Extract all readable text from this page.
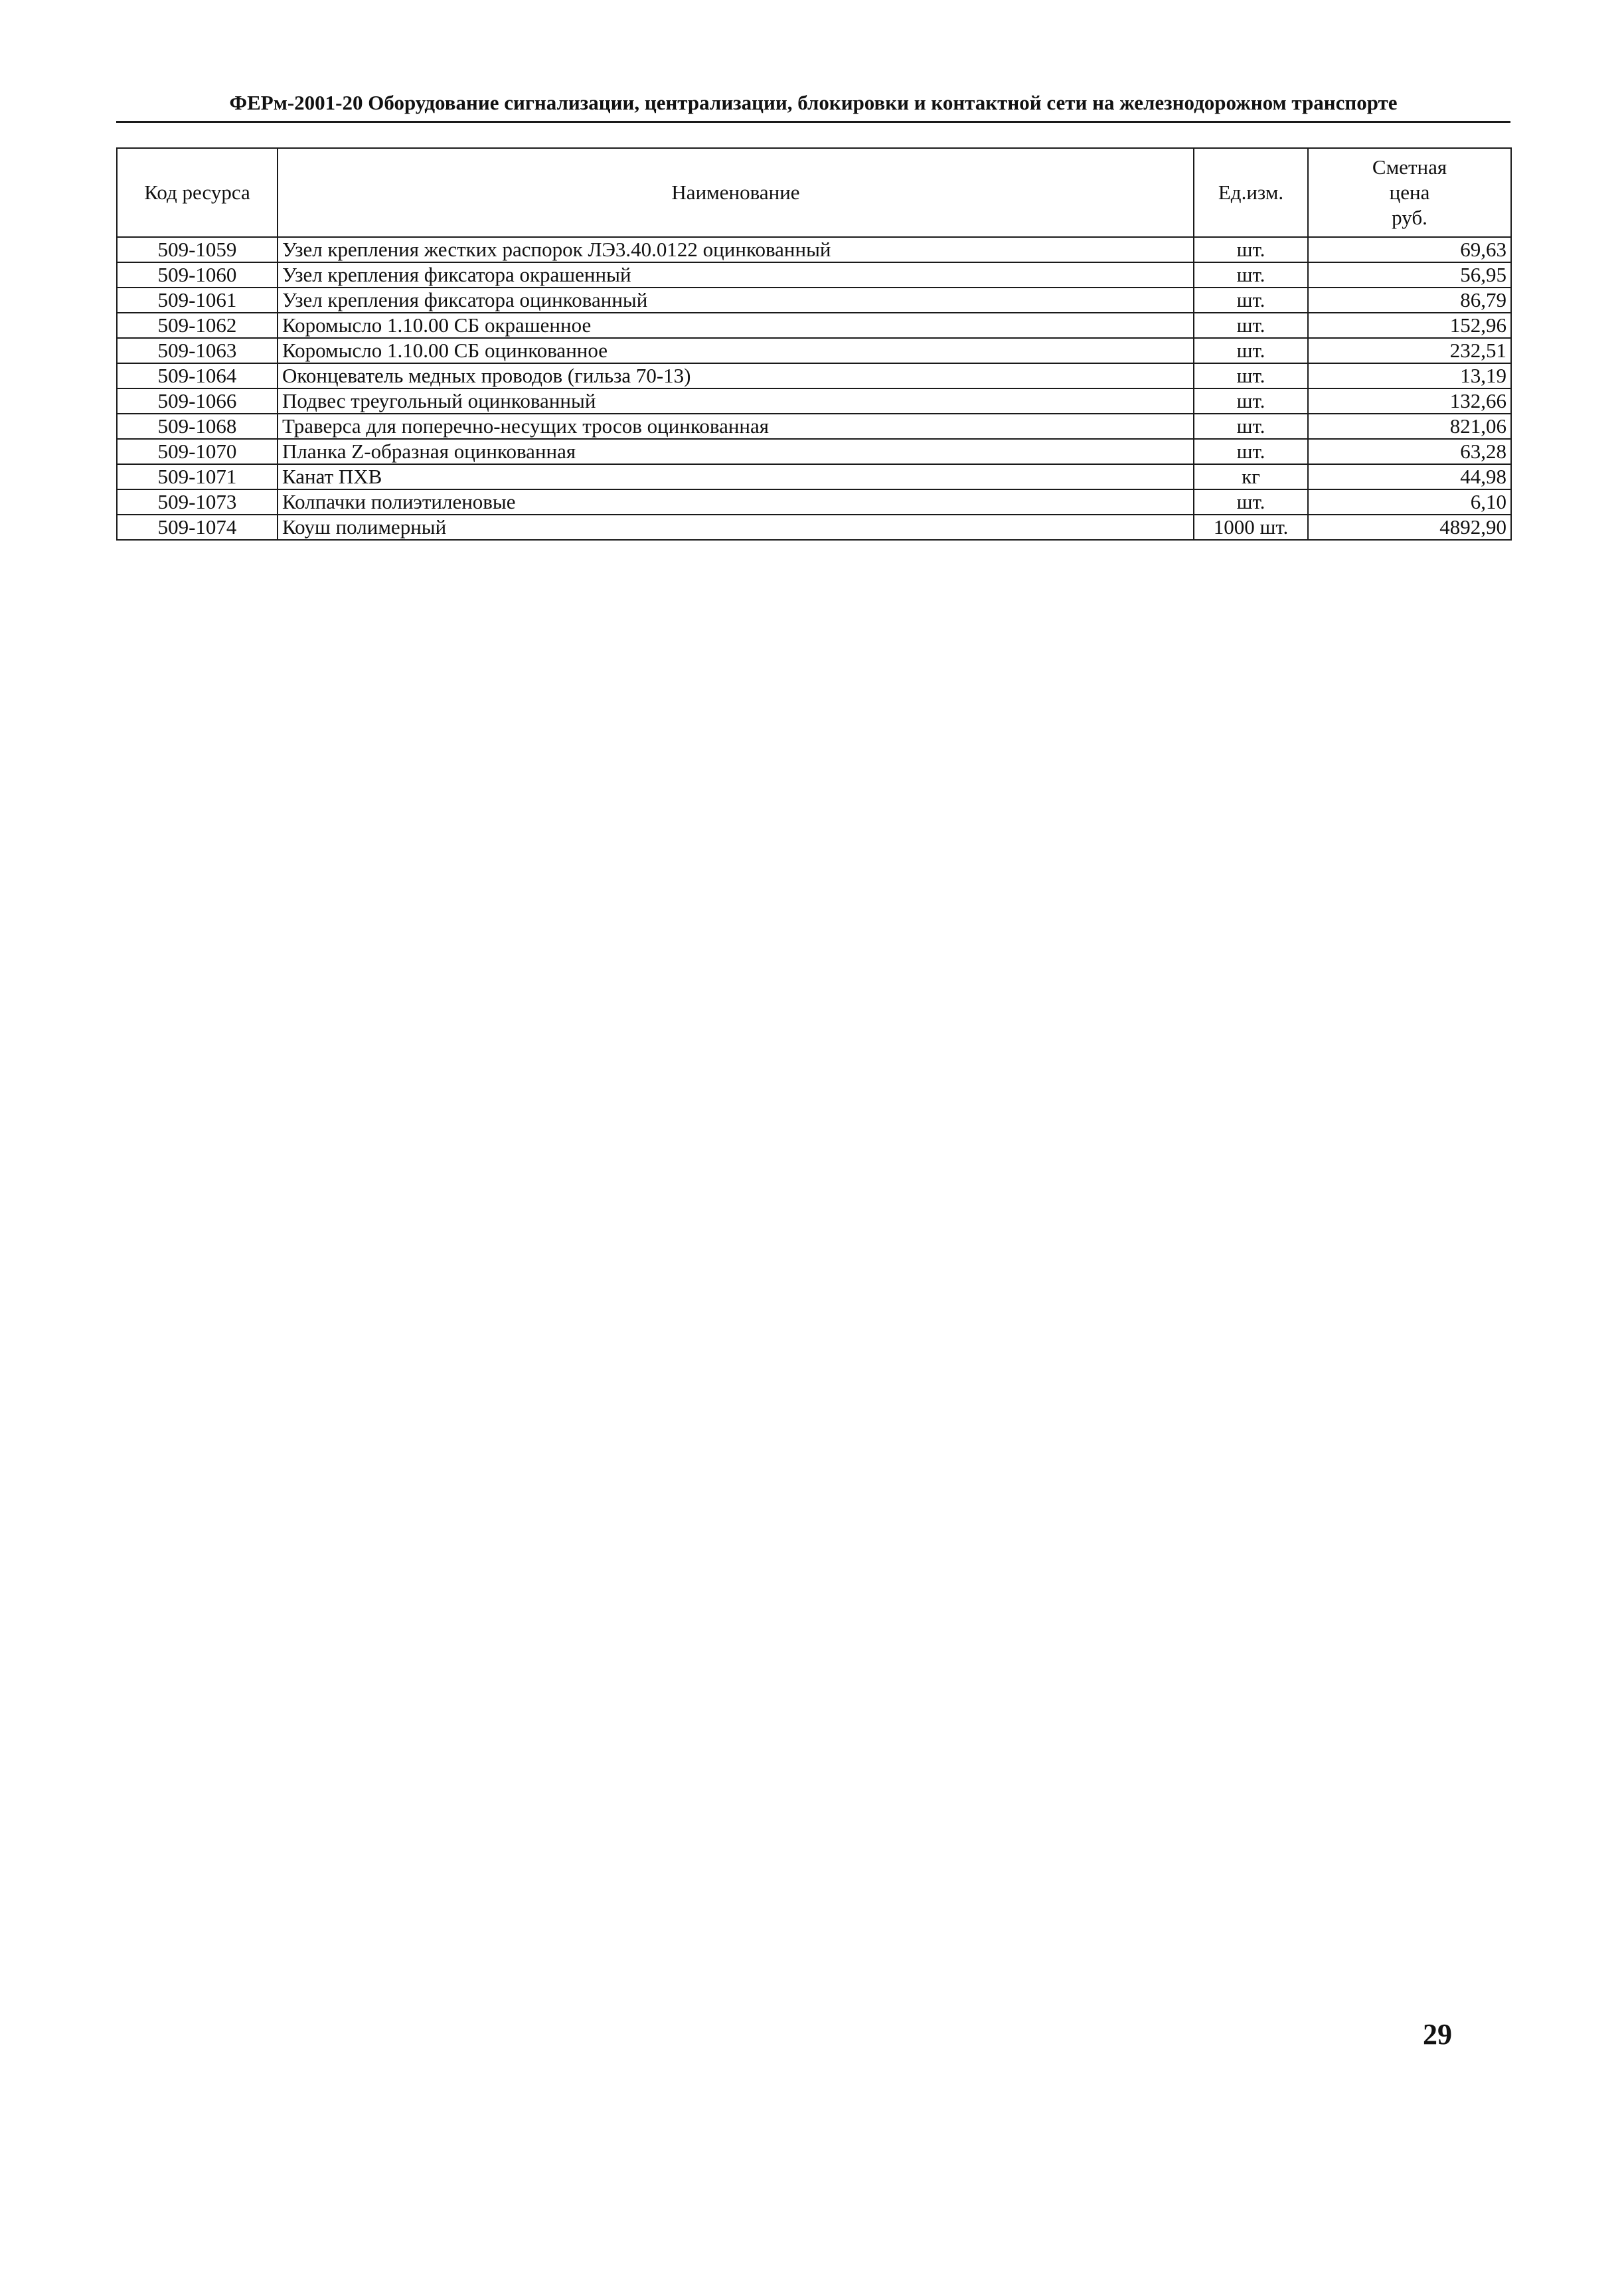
ФЕРм-2001-20 Оборудование сигнализации, централизации, блокировки и контактной сети на железнодорожном транспорте
Код ресурса	Наименование	Ед.изм.	Сметная
цена
руб.
509-1059	Узел крепления жестких распорок ЛЭ3.40.0122 оцинкованный	шт.	69,63
509-1060	Узел крепления фиксатора окрашенный	шт.	56,95
509-1061	Узел крепления фиксатора оцинкованный	шт.	86,79
509-1062	Коромысло 1.10.00 СБ окрашенное	шт.	152,96
509-1063	Коромысло 1.10.00 СБ оцинкованное	шт.	232,51
509-1064	Оконцеватель медных проводов (гильза 70-13)	шт.	13,19
509-1066	Подвес треугольный оцинкованный	шт.	132,66
509-1068	Траверса для поперечно-несущих тросов оцинкованная	шт.	821,06
509-1070	Планка Z-образная оцинкованная	шт.	63,28
509-1071	Канат ПХВ	кг	44,98
509-1073	Колпачки полиэтиленовые	шт.	6,10
509-1074	Коуш полимерный	1000 шт.	4892,90
29
